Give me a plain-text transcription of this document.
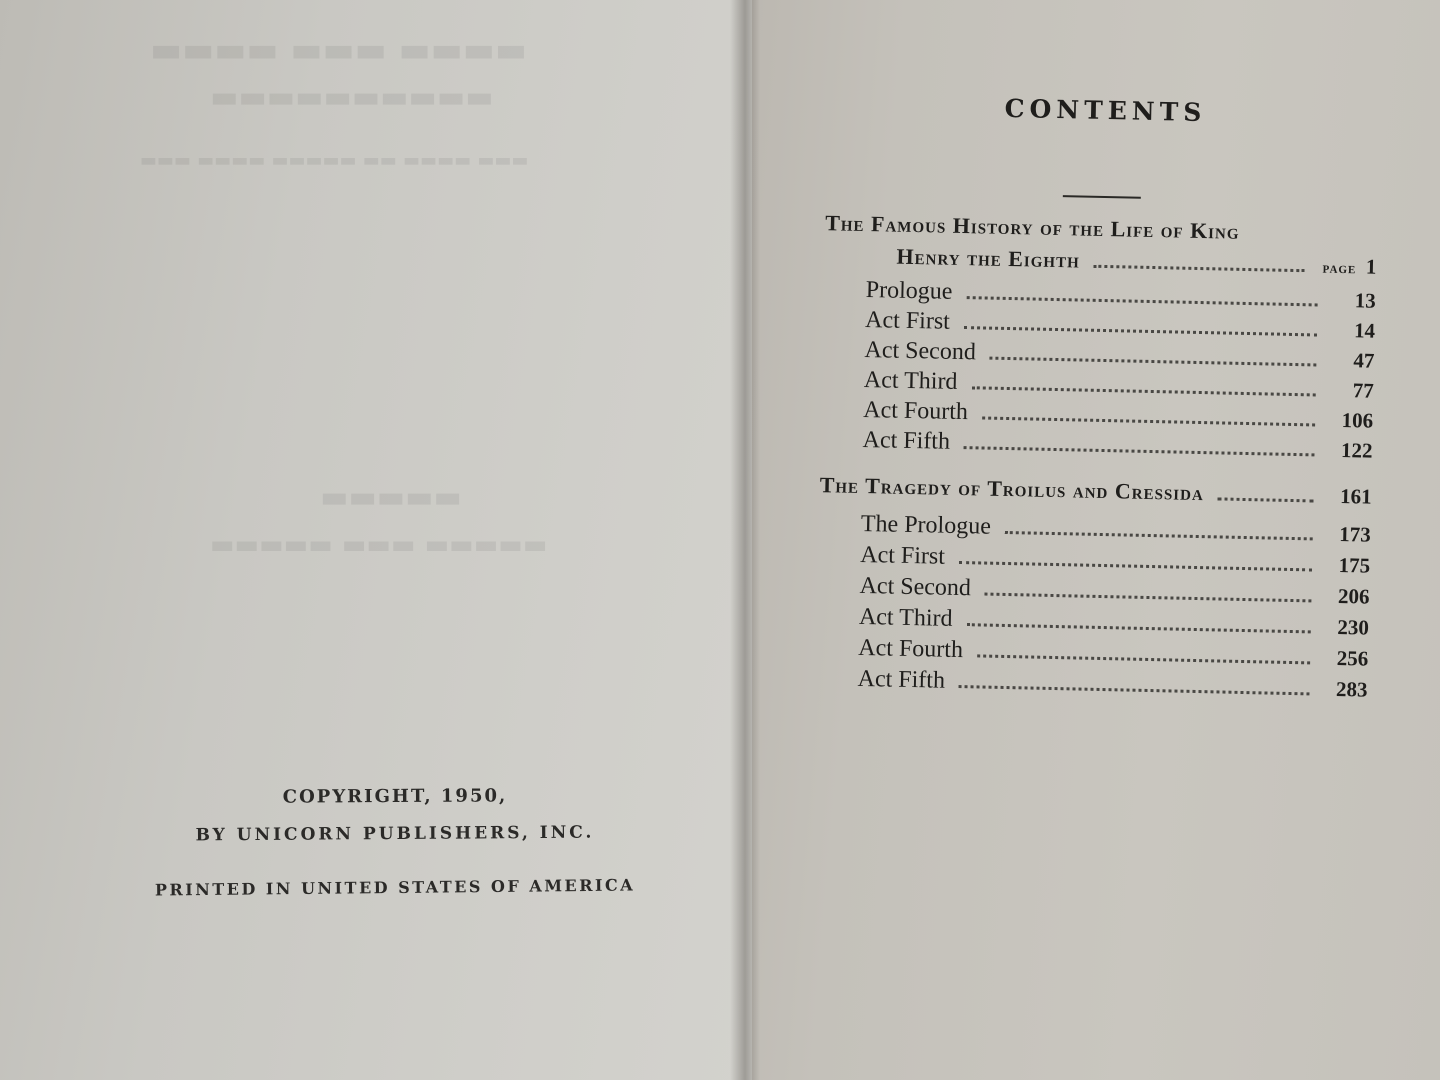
▬▬▬▬ ▬▬▬ ▬▬▬▬
▬▬▬▬▬▬▬▬▬▬
▬▬▬ ▬▬▬▬ ▬▬ ▬▬▬▬▬ ▬▬▬▬ ▬▬▬
▬▬▬▬▬
▬▬▬▬▬ ▬▬▬ ▬▬▬▬▬
COPYRIGHT, 1950,
BY UNICORN PUBLISHERS, INC.
PRINTED IN UNITED STATES OF AMERICA
CONTENTS
The Famous History of the Life of King
Henry the Eighth	PAGE 1
Prologue	13
Act First	14
Act Second	47
Act Third	77
Act Fourth	106
Act Fifth	122
The Tragedy of Troilus and Cressida	161
The Prologue	173
Act First	175
Act Second	206
Act Third	230
Act Fourth	256
Act Fifth	283
